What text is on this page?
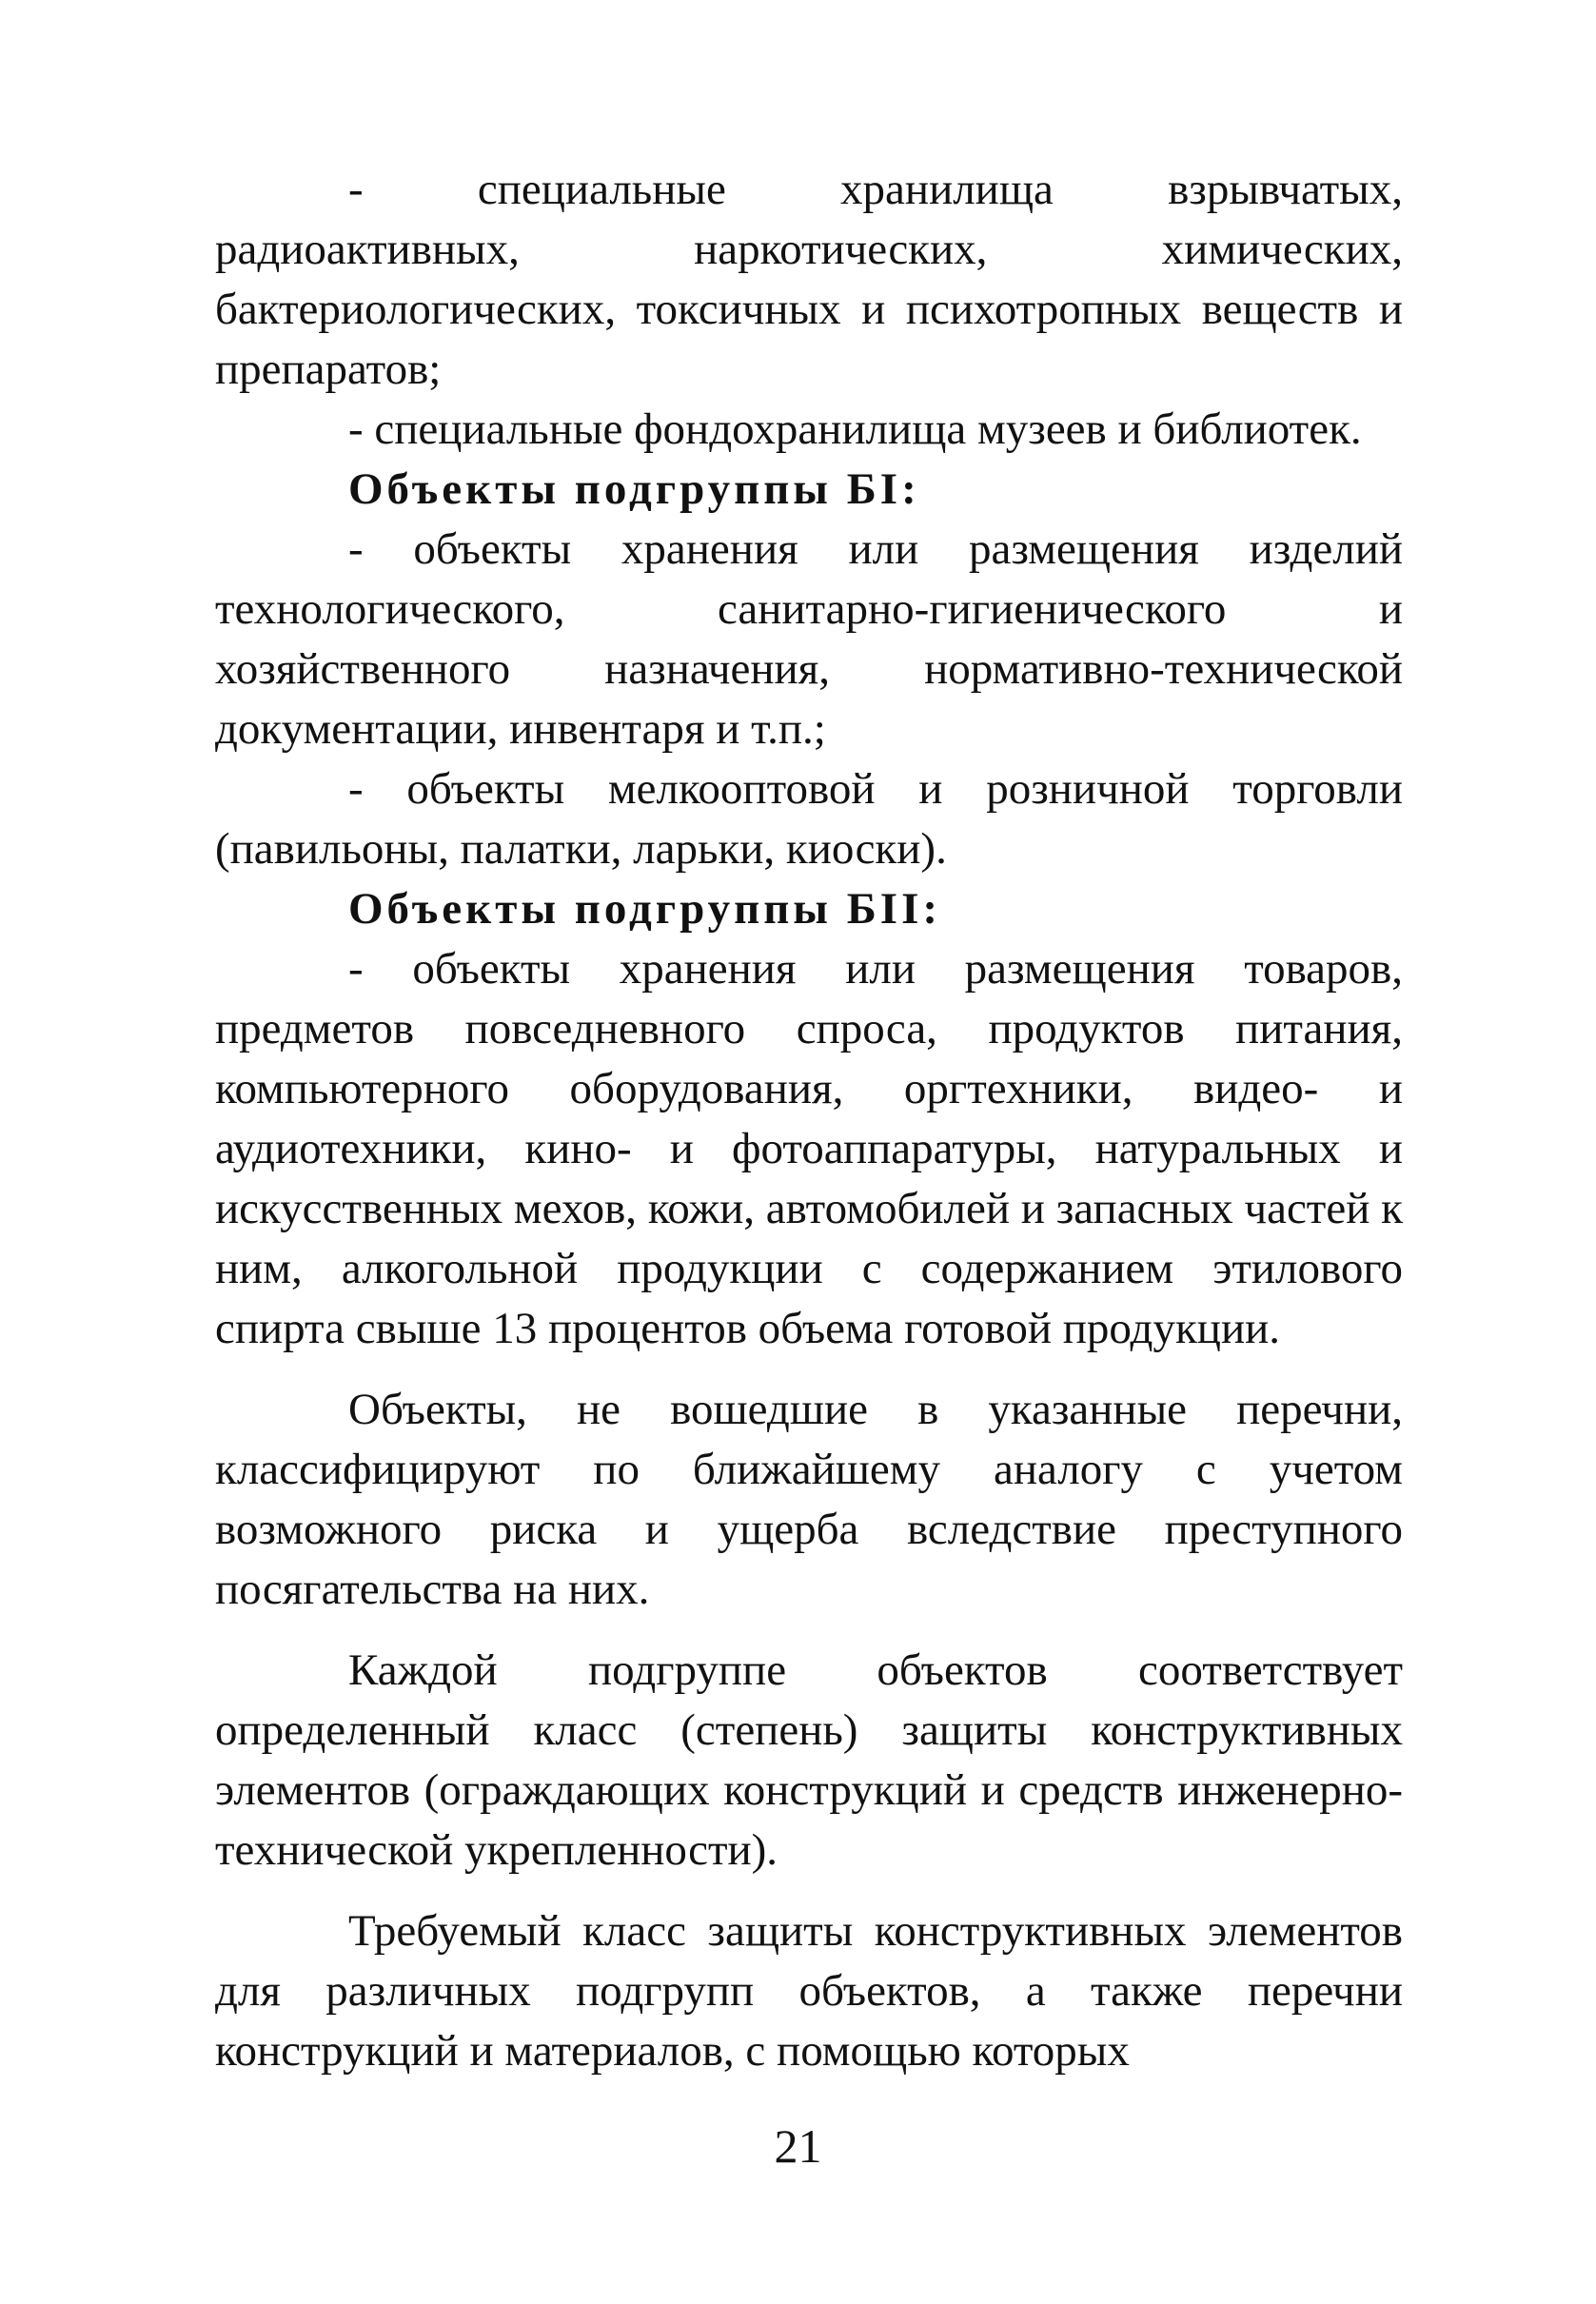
- специальные хранилища взрывчатых, радиоактивных, наркотических, химических, бактериологических, токсичных и психотропных веществ и препаратов;

- специальные фондохранилища музеев и библиотек.

Объекты подгруппы БI:

- объекты хранения или размещения изделий технологического, санитарно-гигиенического и хозяйственного назначения, нормативно-технической документации, инвентаря и т.п.;

- объекты мелкооптовой и розничной торговли (павильоны, палатки, ларьки, киоски).

Объекты подгруппы БII:

- объекты хранения или размещения товаров, предметов повседневного спроса, продуктов питания, компьютерного оборудования, оргтехники, видео- и аудиотехники, кино- и фотоаппаратуры, натуральных и искусственных мехов, кожи, автомобилей и запасных частей к ним, алкогольной продукции с содержанием этилового спирта свыше 13 процентов объема готовой продукции.

Объекты, не вошедшие в указанные перечни, классифицируют по ближайшему аналогу с учетом возможного риска и ущерба вследствие преступного посягательства на них.

Каждой подгруппе объектов соответствует определенный класс (степень) защиты конструктивных элементов (ограждающих конструкций и средств инженерно-технической укрепленности).

Требуемый класс защиты конструктивных элементов для различных подгрупп объектов, а также перечни конструкций и материалов, с помощью которых

21
